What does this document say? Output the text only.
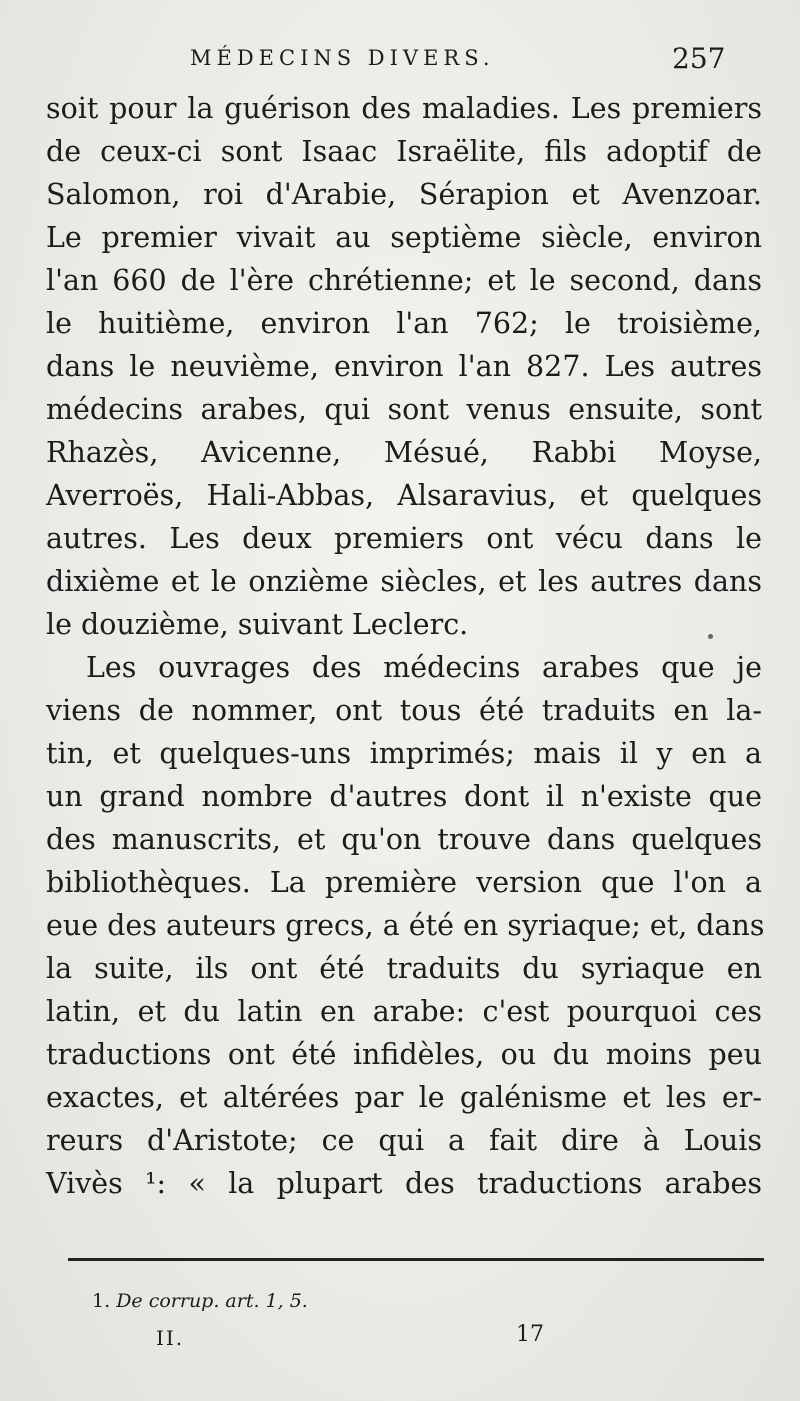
MÉDECINS DIVERS.	257
soit pour la guérison des maladies. Les premiers
de ceux-ci sont Isaac Israëlite, fils adoptif de
Salomon, roi d'Arabie, Sérapion et Avenzoar.
Le premier vivait au septième siècle, environ
l'an 660 de l'ère chrétienne; et le second, dans
le huitième, environ l'an 762; le troisième,
dans le neuvième, environ l'an 827. Les autres
médecins arabes, qui sont venus ensuite, sont
Rhazès, Avicenne, Mésué, Rabbi Moyse,
Averroës, Hali-Abbas, Alsaravius, et quelques
autres. Les deux premiers ont vécu dans le
dixième et le onzième siècles, et les autres dans
le douzième, suivant Leclerc.
Les ouvrages des médecins arabes que je
viens de nommer, ont tous été traduits en la-
tin, et quelques-uns imprimés; mais il y en a
un grand nombre d'autres dont il n'existe que
des manuscrits, et qu'on trouve dans quelques
bibliothèques. La première version que l'on a
eue des auteurs grecs, a été en syriaque; et, dans
la suite, ils ont été traduits du syriaque en
latin, et du latin en arabe: c'est pourquoi ces
traductions ont été infidèles, ou du moins peu
exactes, et altérées par le galénisme et les er-
reurs d'Aristote; ce qui a fait dire à Louis
Vivès ¹: « la plupart des traductions arabes
1. De corrup. art. 1, 5.
II.	17
